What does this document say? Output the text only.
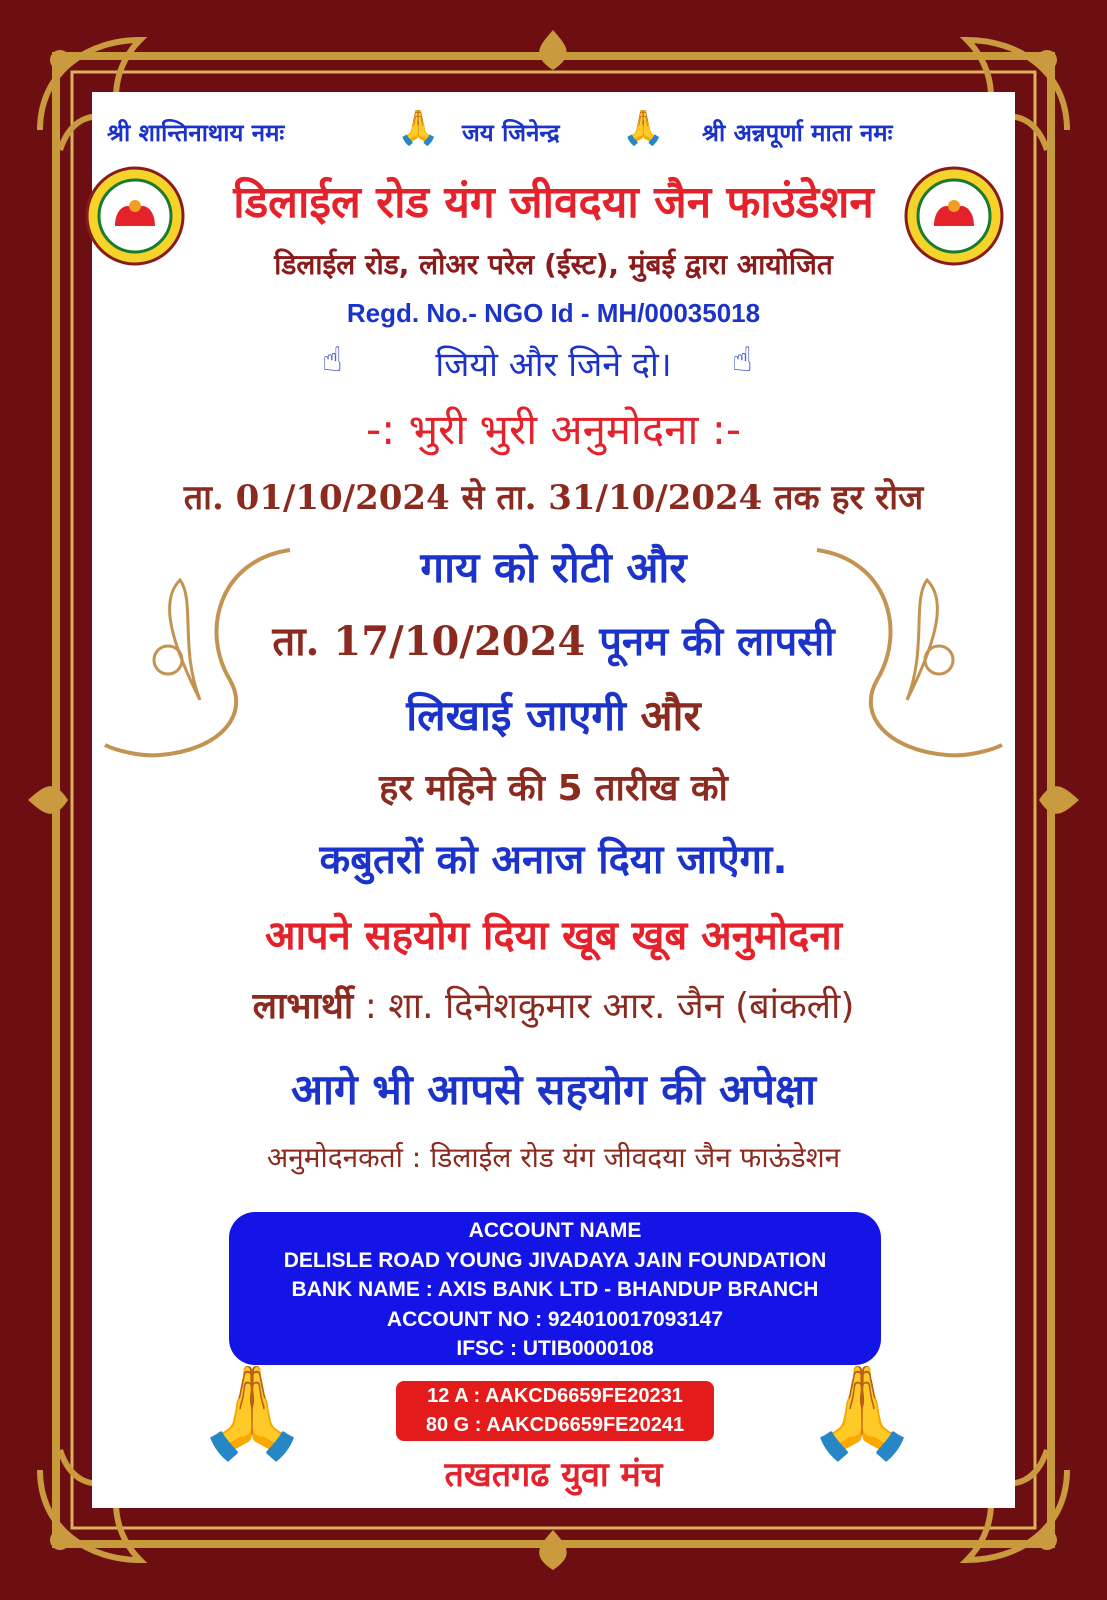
श्री शान्तिनाथाय नमः	🙏 जय जिनेन्द्र 🙏 श्री अन्नपूर्णा माता नमः
डिलाईल रोड यंग जीवदया जैन फाउंडेशन
डिलाईल रोड, लोअर परेल (ईस्ट), मुंबई द्वारा आयोजित
Regd. No.- NGO Id - MH/00035018
☝	जियो और जिने दो। ☝
-: भुरी भुरी अनुमोदना :-
ता. 01/10/2024 से ता. 31/10/2024 तक हर रोज
गाय को रोटी और
ता. 17/10/2024 पूनम की लापसी
लिखाई जाएगी और
हर महिने की 5 तारीख को
कबुतरों को अनाज दिया जाऐगा.
आपने सहयोग दिया खूब खूब अनुमोदना
लाभार्थी : शा. दिनेशकुमार आर. जैन (बांकली)
आगे भी आपसे सहयोग की अपेक्षा
अनुमोदनकर्ता : डिलाईल रोड यंग जीवदया जैन फाऊंडेशन
ACCOUNT NAME
DELISLE ROAD YOUNG JIVADAYA JAIN FOUNDATION
BANK NAME : AXIS BANK LTD - BHANDUP BRANCH
ACCOUNT NO : 924010017093147
IFSC : UTIB0000108
12 A : AAKCD6659FE20231
80 G : AAKCD6659FE20241
🙏	🙏
तखतगढ युवा मंच
